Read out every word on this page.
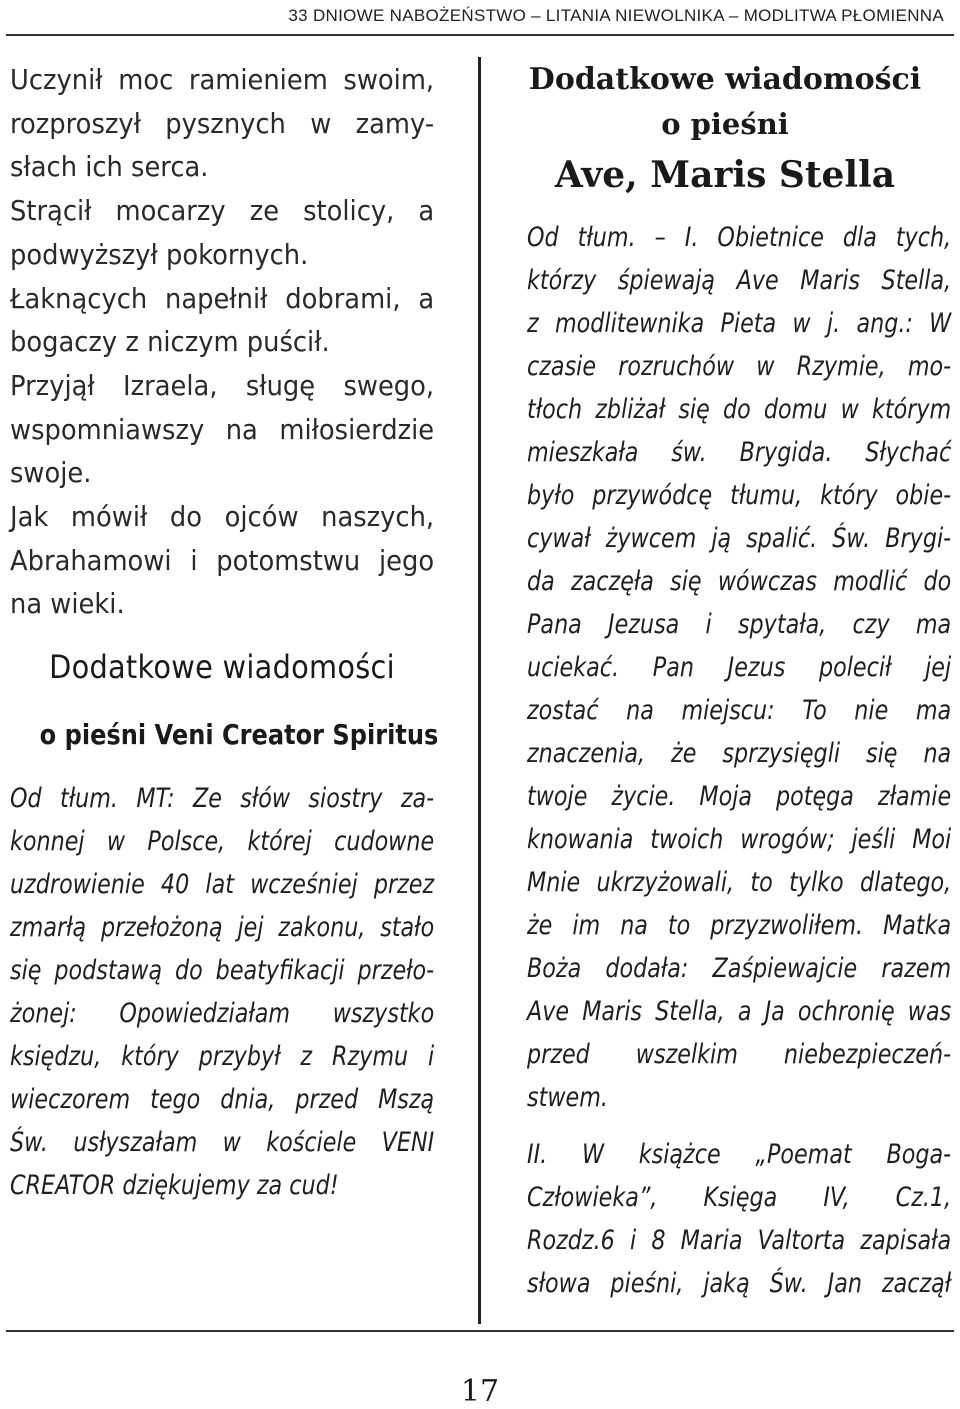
33 DNIOWE NABOŻEŃSTWO – LITANIA NIEWOLNIKA – MODLITWA PŁOMIENNA

Uczynił moc ramieniem swoim,
rozproszył pysznych w zamy-
słach ich serca.
Strącił mocarzy ze stolicy, a
podwyższył pokornych.
Łaknących napełnił dobrami, a
bogaczy z niczym puścił.
Przyjął Izraela, sługę swego,
wspomniawszy na miłosierdzie
swoje.
Jak mówił do ojców naszych,
Abrahamowi i potomstwu jego
na wieki.

Dodatkowe wiadomości
o pieśni Veni Creator Spiritus
Od tłum. MT: Ze słów siostry za-
konnej w Polsce, której cudowne
uzdrowienie 40 lat wcześniej przez
zmarłą przełożoną jej zakonu, stało
się podstawą do beatyfikacji przeło-
żonej: Opowiedziałam wszystko
księdzu, który przybył z Rzymu i
wieczorem tego dnia, przed Mszą
Św. usłyszałam w kościele VENI
CREATOR dziękujemy za cud!
Dodatkowe wiadomości
o pieśni
Ave, Maris Stella
Od tłum. – I. Obietnice dla tych,
którzy śpiewają Ave Maris Stella,
z modlitewnika Pieta w j. ang.: W
czasie rozruchów w Rzymie, mo-
tłoch zbliżał się do domu w którym
mieszkała św. Brygida. Słychać
było przywódcę tłumu, który obie-
cywał żywcem ją spalić. Św. Brygi-
da zaczęła się wówczas modlić do
Pana Jezusa i spytała, czy ma
uciekać. Pan Jezus polecił jej
zostać na miejscu: To nie ma
znaczenia, że sprzysięgli się na
twoje życie. Moja potęga złamie
knowania twoich wrogów; jeśli Moi
Mnie ukrzyżowali, to tylko dlatego,
że im na to przyzwoliłem. Matka
Boża dodała: Zaśpiewajcie razem
Ave Maris Stella, a Ja ochronię was
przed wszelkim niebezpieczeń-
stwem.
II. W książce „Poemat Boga-
Człowieka”, Księga IV, Cz.1,
Rozdz.6 i 8 Maria Valtorta zapisała
słowa pieśni, jaką Św. Jan zaczął
17
